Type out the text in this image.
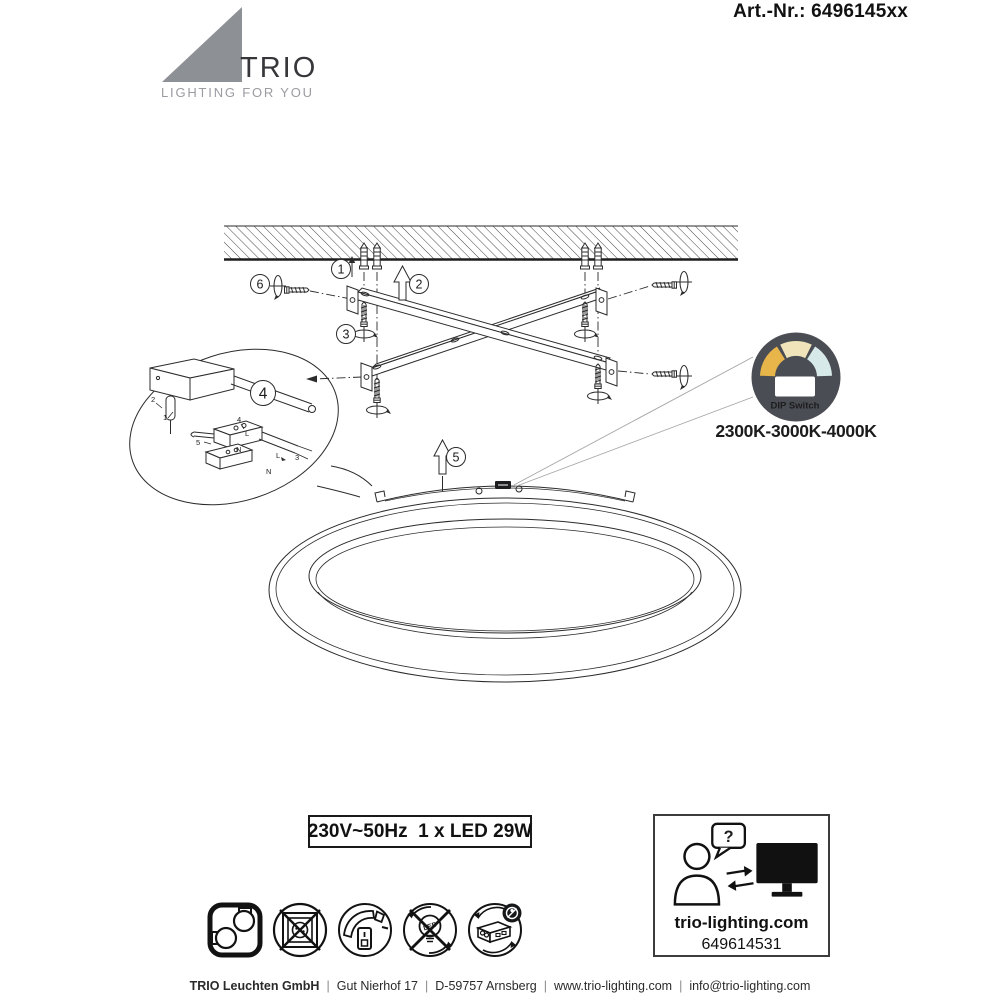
TRIO
LIGHTING FOR YOU
Art.-Nr.: 6496145xx
2
1	4
5
L
N
L
N
3
1
2
3
6
4
5
DIP Switch
2300K-3000K-4000K
230V~50Hz  1 x LED 29W
LED
?
trio-lighting.com
649614531
TRIO Leuchten GmbH | Gut Nierhof 17 | D-59757 Arnsberg | www.trio-lighting.com | info@trio-lighting.com
